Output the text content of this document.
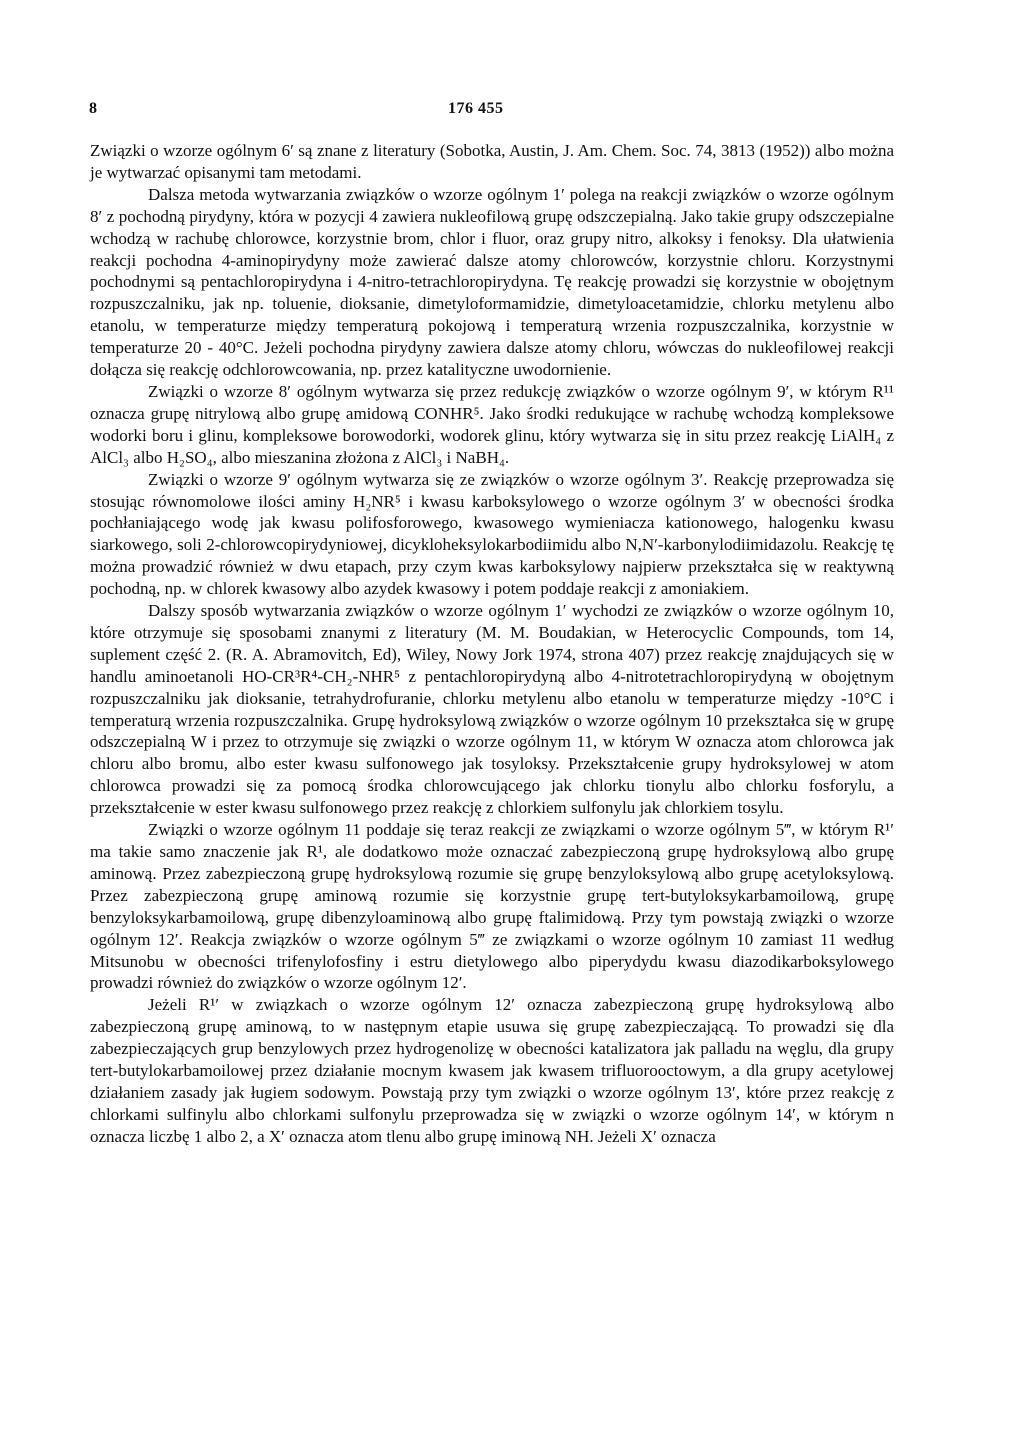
8	176 455

Związki o wzorze ogólnym 6′ są znane z literatury (Sobotka, Austin, J. Am. Chem. Soc. 74, 3813 (1952)) albo można je wytwarzać opisanymi tam metodami.

Dalsza metoda wytwarzania związków o wzorze ogólnym 1′ polega na reakcji związków o wzorze ogólnym 8′ z pochodną pirydyny, która w pozycji 4 zawiera nukleofilową grupę odszczepialną. Jako takie grupy odszczepialne wchodzą w rachubę chlorowce, korzystnie brom, chlor i fluor, oraz grupy nitro, alkoksy i fenoksy. Dla ułatwienia reakcji pochodna 4-aminopirydyny może zawierać dalsze atomy chlorowców, korzystnie chloru. Korzystnymi pochodnymi są pentachloropirydyna i 4-nitro-tetrachloropirydyna. Tę reakcję prowadzi się korzystnie w obojętnym rozpuszczalniku, jak np. toluenie, dioksanie, dimetyloformamidzie, dimetyloacetamidzie, chlorku metylenu albo etanolu, w temperaturze między temperaturą pokojową i temperaturą wrzenia rozpuszczalnika, korzystnie w temperaturze 20 - 40°C. Jeżeli pochodna pirydyny zawiera dalsze atomy chloru, wówczas do nukleofilowej reakcji dołącza się reakcję odchlorowcowania, np. przez katalityczne uwodornienie.

Związki o wzorze 8′ ogólnym wytwarza się przez redukcję związków o wzorze ogólnym 9′, w którym R¹¹ oznacza grupę nitrylową albo grupę amidową CONHR⁵. Jako środki redukujące w rachubę wchodzą kompleksowe wodorki boru i glinu, kompleksowe borowodorki, wodorek glinu, który wytwarza się in situ przez reakcję LiAlH₄ z AlCl₃ albo H₂SO₄, albo mieszanina złożona z AlCl₃ i NaBH₄.

Związki o wzorze 9′ ogólnym wytwarza się ze związków o wzorze ogólnym 3′. Reakcję przeprowadza się stosując równomolowe ilości aminy H₂NR⁵ i kwasu karboksylowego o wzorze ogólnym 3′ w obecności środka pochłaniającego wodę jak kwasu polifosforowego, kwasowego wymieniacza kationowego, halogenku kwasu siarkowego, soli 2-chlorowcopirydyniowej, dicykloheksylokarbodiimidu albo N,N′-karbonylodiimidazolu. Reakcję tę można prowadzić również w dwu etapach, przy czym kwas karboksylowy najpierw przekształca się w reaktywną pochodną, np. w chlorek kwasowy albo azydek kwasowy i potem poddaje reakcji z amoniakiem.

Dalszy sposób wytwarzania związków o wzorze ogólnym 1′ wychodzi ze związków o wzorze ogólnym 10, które otrzymuje się sposobami znanymi z literatury (M. M. Boudakian, w Heterocyclic Compounds, tom 14, suplement część 2. (R. A. Abramovitch, Ed), Wiley, Nowy Jork 1974, strona 407) przez reakcję znajdujących się w handlu aminoetanoli HO-CR³R⁴-CH₂-NHR⁵ z pentachloropirydyną albo 4-nitrotetrachloropirydyną w obojętnym rozpuszczalniku jak dioksanie, tetrahydrofuranie, chlorku metylenu albo etanolu w temperaturze między -10°C i temperaturą wrzenia rozpuszczalnika. Grupę hydroksylową związków o wzorze ogólnym 10 przekształca się w grupę odszczepialną W i przez to otrzymuje się związki o wzorze ogólnym 11, w którym W oznacza atom chlorowca jak chloru albo bromu, albo ester kwasu sulfonowego jak tosyloksy. Przekształcenie grupy hydroksylowej w atom chlorowca prowadzi się za pomocą środka chlorowcującego jak chlorku tionylu albo chlorku fosforylu, a przekształcenie w ester kwasu sulfonowego przez reakcję z chlorkiem sulfonylu jak chlorkiem tosylu.

Związki o wzorze ogólnym 11 poddaje się teraz reakcji ze związkami o wzorze ogólnym 5‴, w którym R¹′ ma takie samo znaczenie jak R¹, ale dodatkowo może oznaczać zabezpieczoną grupę hydroksylową albo grupę aminową. Przez zabezpieczoną grupę hydroksylową rozumie się grupę benzyloksylową albo grupę acetyloksylową. Przez zabezpieczoną grupę aminową rozumie się korzystnie grupę tert-butyloksykarbamoilową, grupę benzyloksykarbamoilową, grupę dibenzyloaminową albo grupę ftalimidową. Przy tym powstają związki o wzorze ogólnym 12′. Reakcja związków o wzorze ogólnym 5‴ ze związkami o wzorze ogólnym 10 zamiast 11 według Mitsunobu w obecności trifenylofosfiny i estru dietylowego albo piperydydu kwasu diazodikarboksylowego prowadzi również do związków o wzorze ogólnym 12′.

Jeżeli R¹′ w związkach o wzorze ogólnym 12′ oznacza zabezpieczoną grupę hydroksylową albo zabezpieczoną grupę aminową, to w następnym etapie usuwa się grupę zabezpieczającą. To prowadzi się dla zabezpieczających grup benzylowych przez hydrogenolizę w obecności katalizatora jak palladu na węglu, dla grupy tert-butylokarbamoilowej przez działanie mocnym kwasem jak kwasem trifluorooctowym, a dla grupy acetylowej działaniem zasady jak ługiem sodowym. Powstają przy tym związki o wzorze ogólnym 13′, które przez reakcję z chlorkami sulfinylu albo chlorkami sulfonylu przeprowadza się w związki o wzorze ogólnym 14′, w którym n oznacza liczbę 1 albo 2, a X′ oznacza atom tlenu albo grupę iminową NH. Jeżeli X′ oznacza
